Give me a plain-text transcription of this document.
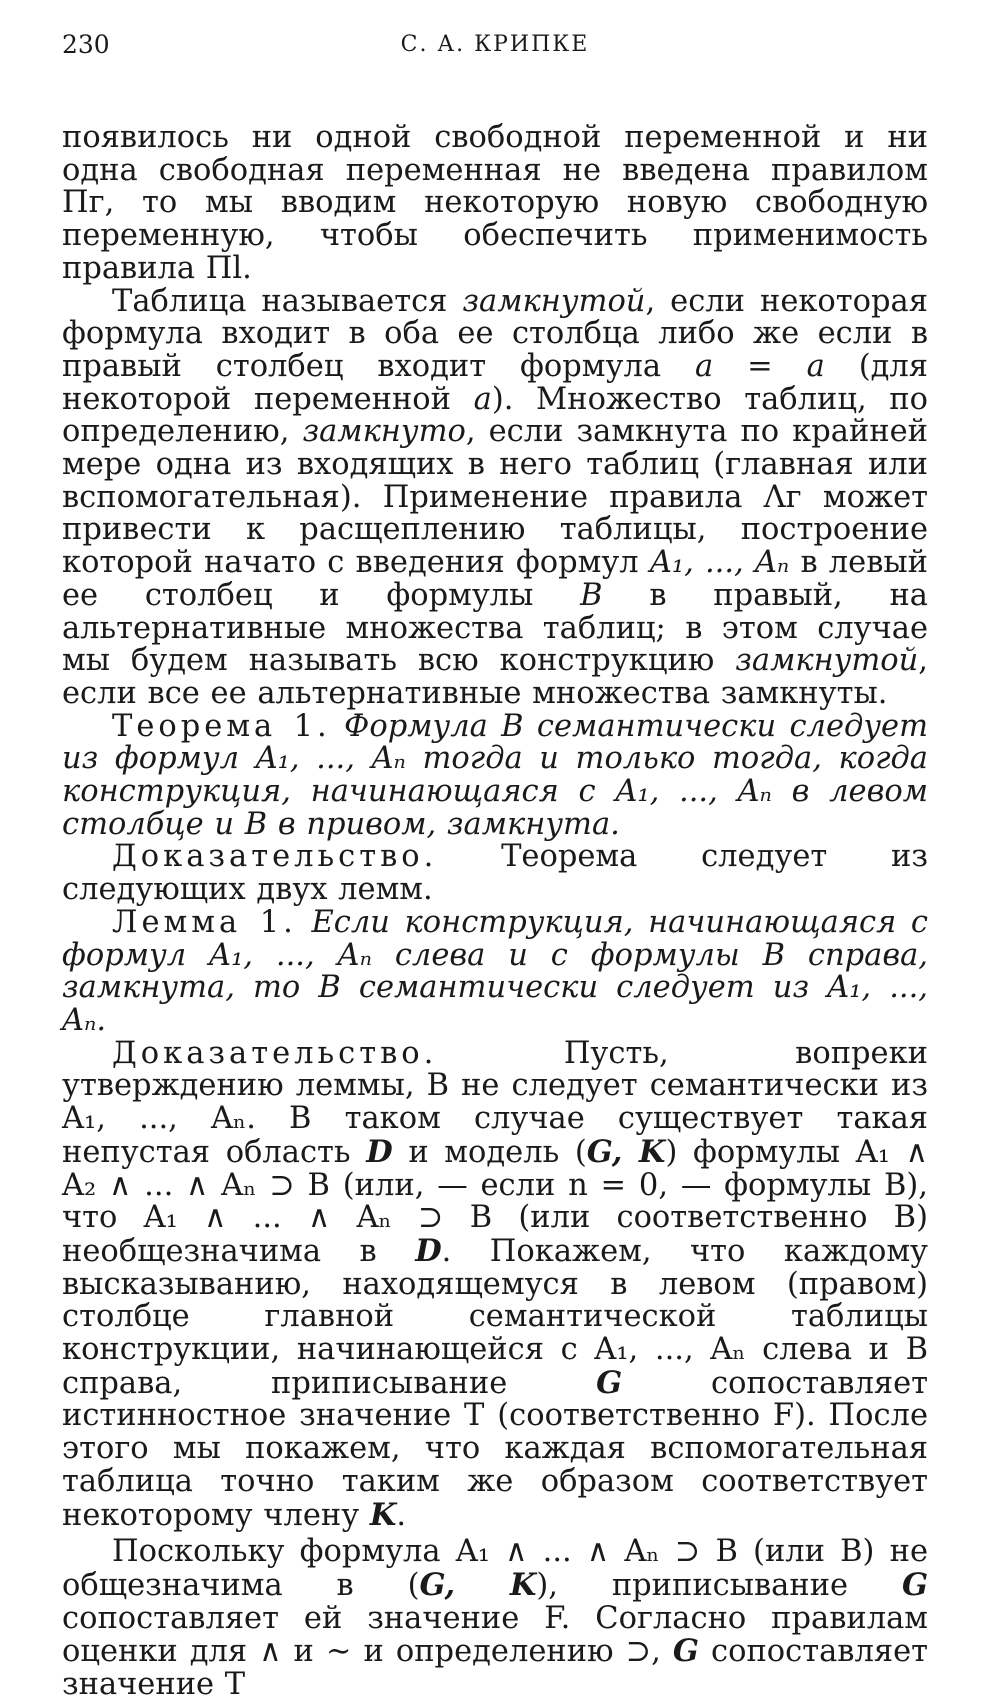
230	С. А. КРИПКЕ

появилось ни одной свободной переменной и ни одна свободная переменная не введена правилом Пг, то мы вводим некоторую новую свободную переменную, чтобы обеспечить применимость правила Пl.

Таблица называется замкнутой, если некоторая формула входит в оба ее столбца либо же если в правый столбец входит формула a = a (для некоторой переменной a). Множество таблиц, по определению, замкнуто, если замкнута по крайней мере одна из входящих в него таблиц (главная или вспомогательная). Применение правила Λг может привести к расщеплению таблицы, построение которой начато с введения формул A₁, ..., Aₙ в левый ее столбец и формулы B в правый, на альтернативные множества таблиц; в этом случае мы будем называть всю конструкцию замкнутой, если все ее альтернативные множества замкнуты.

Теорема 1. Формула B семантически следует из формул A₁, ..., Aₙ тогда и только тогда, когда конструкция, начинающаяся с A₁, ..., Aₙ в левом столбце и B в привом, замкнута.

Доказательство. Теорема следует из следующих двух лемм.

Лемма 1. Если конструкция, начинающаяся с формул A₁, ..., Aₙ слева и с формулы B справа, замкнута, то B семантически следует из A₁, ..., Aₙ.

Доказательство. Пусть, вопреки утверждению леммы, B не следует семантически из A₁, ..., Aₙ. В таком случае существует такая непустая область D и модель (G, K) формулы A₁ ∧ A₂ ∧ ... ∧ Aₙ ⊃ B (или, — если n = 0, — формулы B), что A₁ ∧ ... ∧ Aₙ ⊃ B (или соответственно B) необщезначима в D. Покажем, что каждому высказыванию, находящемуся в левом (правом) столбце главной семантической таблицы конструкции, начинающейся с A₁, ..., Aₙ слева и B справа, приписывание G сопоставляет истинностное значение T (соответственно F). После этого мы покажем, что каждая вспомогательная таблица точно таким же образом соответствует некоторому члену K.

Поскольку формула A₁ ∧ ... ∧ Aₙ ⊃ B (или B) не общезначима в (G, K), приписывание G сопоставляет ей значение F. Согласно правилам оценки для ∧ и ∼ и определению ⊃, G сопоставляет значение T
